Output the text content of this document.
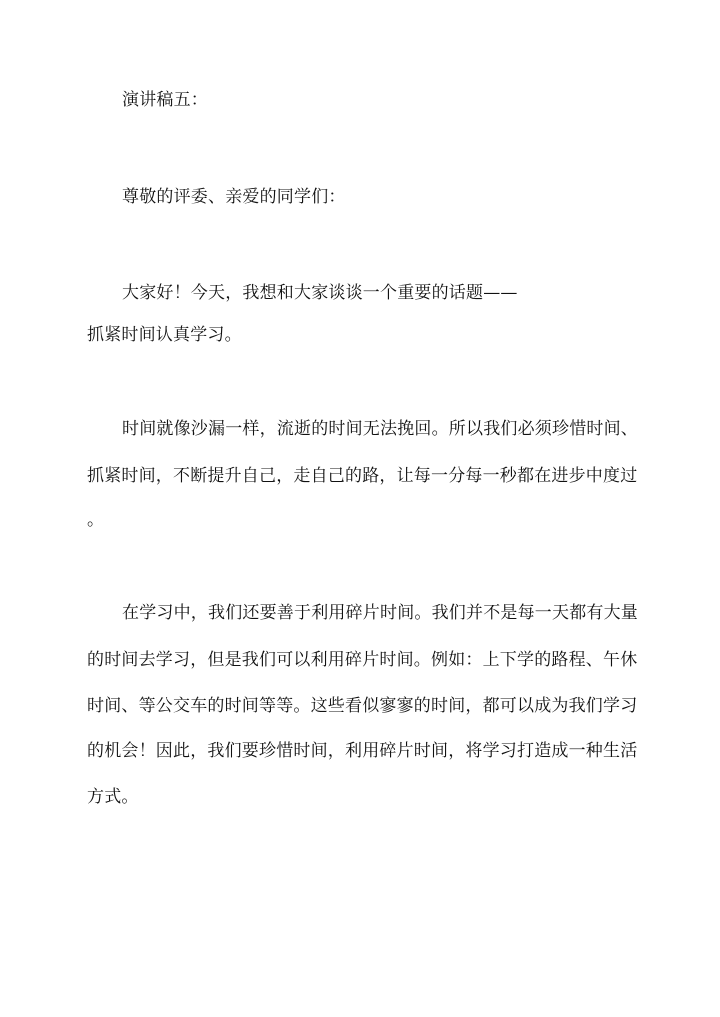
演讲稿五：
尊敬的评委、亲爱的同学们：
大家好！今天，我想和大家谈谈一个重要的话题——
抓紧时间认真学习。
时间就像沙漏一样，流逝的时间无法挽回。所以我们必须珍惜时间、
抓紧时间，不断提升自己，走自己的路，让每一分每一秒都在进步中度过
。
在学习中，我们还要善于利用碎片时间。我们并不是每一天都有大量
的时间去学习，但是我们可以利用碎片时间。例如：上下学的路程、午休
时间、等公交车的时间等等。这些看似寥寥的时间，都可以成为我们学习
的机会！因此，我们要珍惜时间，利用碎片时间，将学习打造成一种生活
方式。
